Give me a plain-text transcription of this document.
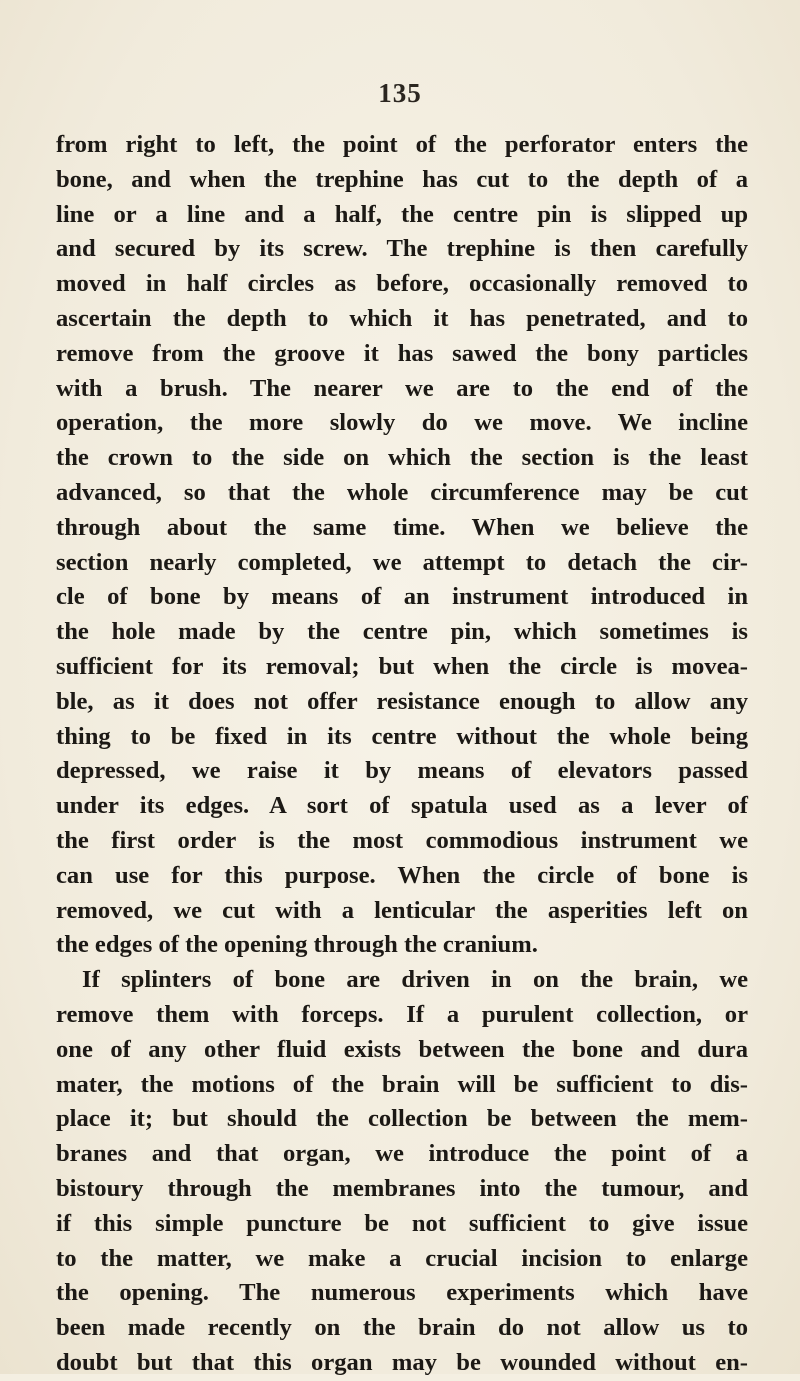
135
from right to left, the point of the perforator enters the
bone, and when the trephine has cut to the depth of a
line or a line and a half, the centre pin is slipped up
and secured by its screw. The trephine is then carefully
moved in half circles as before, occasionally removed to
ascertain the depth to which it has penetrated, and to
remove from the groove it has sawed the bony particles
with a brush. The nearer we are to the end of the
operation, the more slowly do we move. We incline
the crown to the side on which the section is the least
advanced, so that the whole circumference may be cut
through about the same time. When we believe the
section nearly completed, we attempt to detach the cir-
cle of bone by means of an instrument introduced in
the hole made by the centre pin, which sometimes is
sufficient for its removal; but when the circle is movea-
ble, as it does not offer resistance enough to allow any
thing to be fixed in its centre without the whole being
depressed, we raise it by means of elevators passed
under its edges. A sort of spatula used as a lever of
the first order is the most commodious instrument we
can use for this purpose. When the circle of bone is
removed, we cut with a lenticular the asperities left on
the edges of the opening through the cranium.
If splinters of bone are driven in on the brain, we
remove them with forceps. If a purulent collection, or
one of any other fluid exists between the bone and dura
mater, the motions of the brain will be sufficient to dis-
place it; but should the collection be between the mem-
branes and that organ, we introduce the point of a
bistoury through the membranes into the tumour, and
if this simple puncture be not sufficient to give issue
to the matter, we make a crucial incision to enlarge
the opening. The numerous experiments which have
been made recently on the brain do not allow us to
doubt but that this organ may be wounded without en-
